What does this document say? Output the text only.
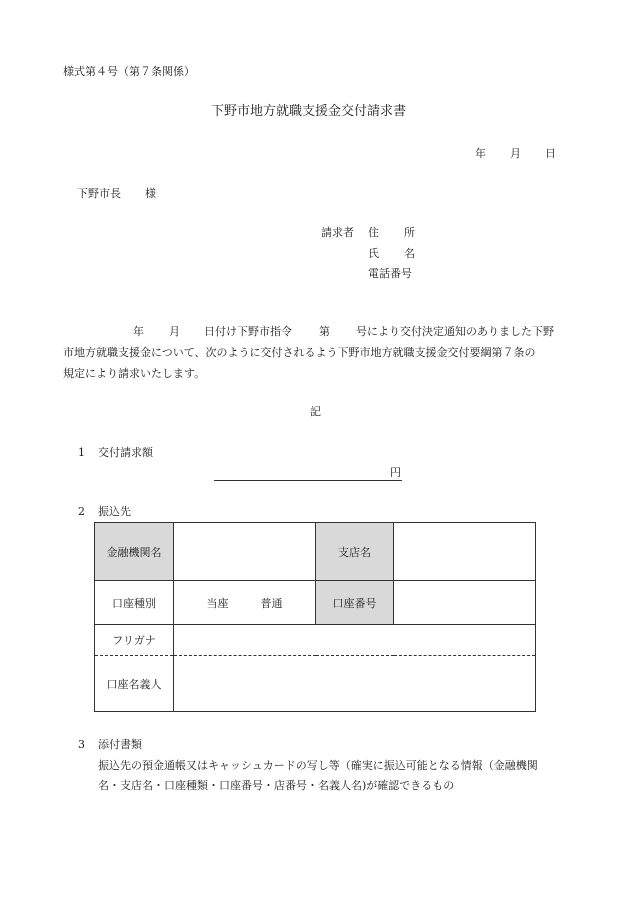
様式第４号（第７条関係）
下野市地方就職支援金交付請求書
年 月 日
下野市長 様
請求者 住 所
氏 名
電話番号
年 月 日付け下野市指令 第 号により交付決定通知のありました下野
市地方就職支援金について、次のように交付されるよう下野市地方就職支援金交付要綱第７条の
規定により請求いたします。
記
1 交付請求額
円
2 振込先
金融機関名		支店名	
口座種別	当座 普通	口座番号	
フリガナ			
口座名義人			
3 添付書類
振込先の預金通帳又はキャッシュカードの写し等（確実に振込可能となる情報（金融機関
名・支店名・口座種類・口座番号・店番号・名義人名)が確認できるもの
